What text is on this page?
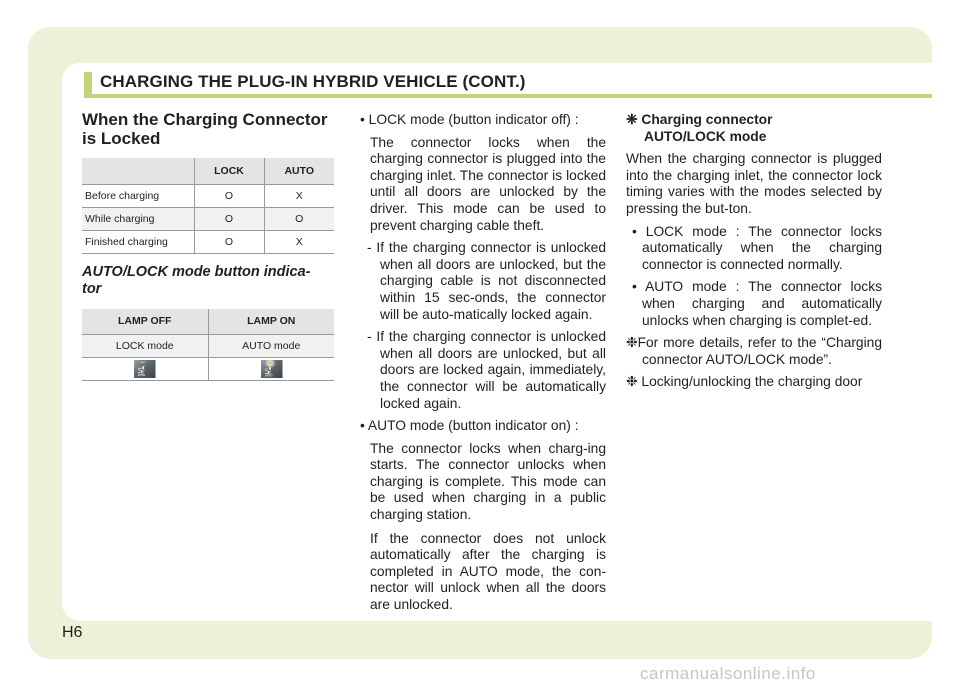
CHARGING THE PLUG-IN HYBRID VEHICLE (CONT.)
When the Charging Connector
is Locked
	LOCK	AUTO
Before charging	O	X
While charging	O	O
Finished charging	O	X
AUTO/LOCK mode button indica-
tor
LAMP OFF	LAMP ON
LOCK mode	AUTO mode

2
AUTO	2
AUTO
• LOCK mode (button indicator off) :
The connector locks when the charging connector is plugged into the charging inlet. The connector is locked until all doors are unlocked by the driver. This mode can be used to prevent charging cable theft.
- If the charging connector is unlocked when all doors are unlocked, but the charging cable is not disconnected within 15 sec-onds, the connector will be auto-matically locked again.
- If the charging connector is unlocked when all doors are unlocked, but all doors are locked again, immediately, the connector will be automatically locked again.
• AUTO mode (button indicator on) :
The connector locks when charg-ing starts. The connector unlocks when charging is complete. This mode can be used when charging in a public charging station.
If the connector does not unlock automatically after the charging is completed in AUTO mode, the con-nector will unlock when all the doors are unlocked.
❈ Charging connector
AUTO/LOCK mode
When the charging connector is plugged into the charging inlet, the connector lock timing varies with the modes selected by pressing the but-ton.
• LOCK mode : The connector locks automatically when the charging connector is connected normally.
• AUTO mode : The connector locks when charging and automatically unlocks when charging is complet-ed.
❉For more details, refer to the “Charging connector AUTO/LOCK mode”.
❉ Locking/unlocking the charging door
H6
carmanualsonline.info
